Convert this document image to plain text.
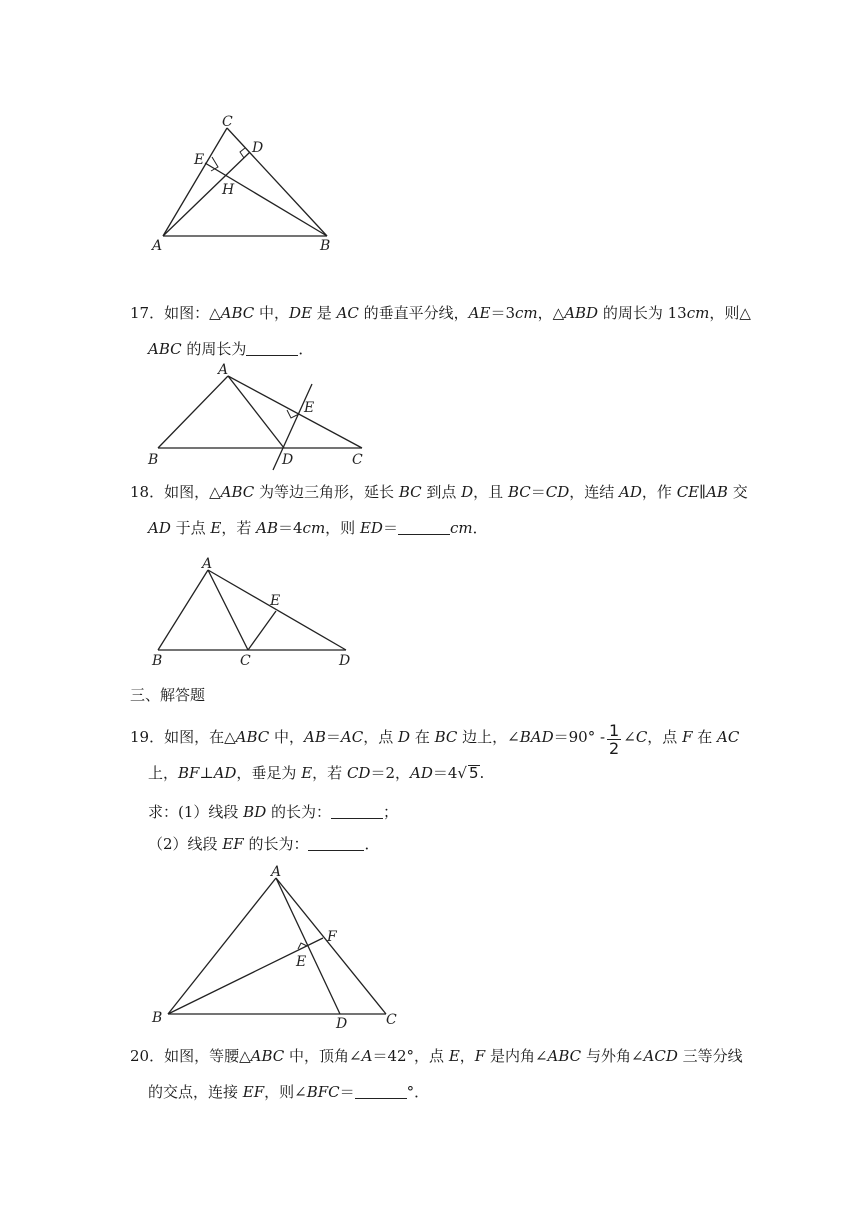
C
D
E
H
A	B
17．如图：△ABC 中，DE 是 AC 的垂直平分线，AE＝3cm，△ABD 的周长为 13cm，则△
ABC 的周长为	．
A
E
B	D	C
18．如图，△ABC 为等边三角形，延长 BC 到点 D，且 BC＝CD，连结 AD，作 CE∥AB 交
AD 于点 E，若 AB＝4cm，则 ED＝	cm．
A
E
B	C	D
三、解答题
19．如图，在△ABC 中，AB＝AC，点 D 在 BC 边上，∠BAD＝90° - $\frac{1}{2}$ ∠C，点 F 在 AC
上，BF⊥AD，垂足为 E，若 CD＝2，AD＝4√ 5.
求：(1）线段 BD 的长为：	；
（2）线段 EF 的长为：	．
A
F
E
B	D	C
20．如图，等腰△ABC 中，顶角∠A＝42°，点 E，F 是内角∠ABC 与外角∠ACD 三等分线
的交点，连接 EF，则∠BFC＝	°．
